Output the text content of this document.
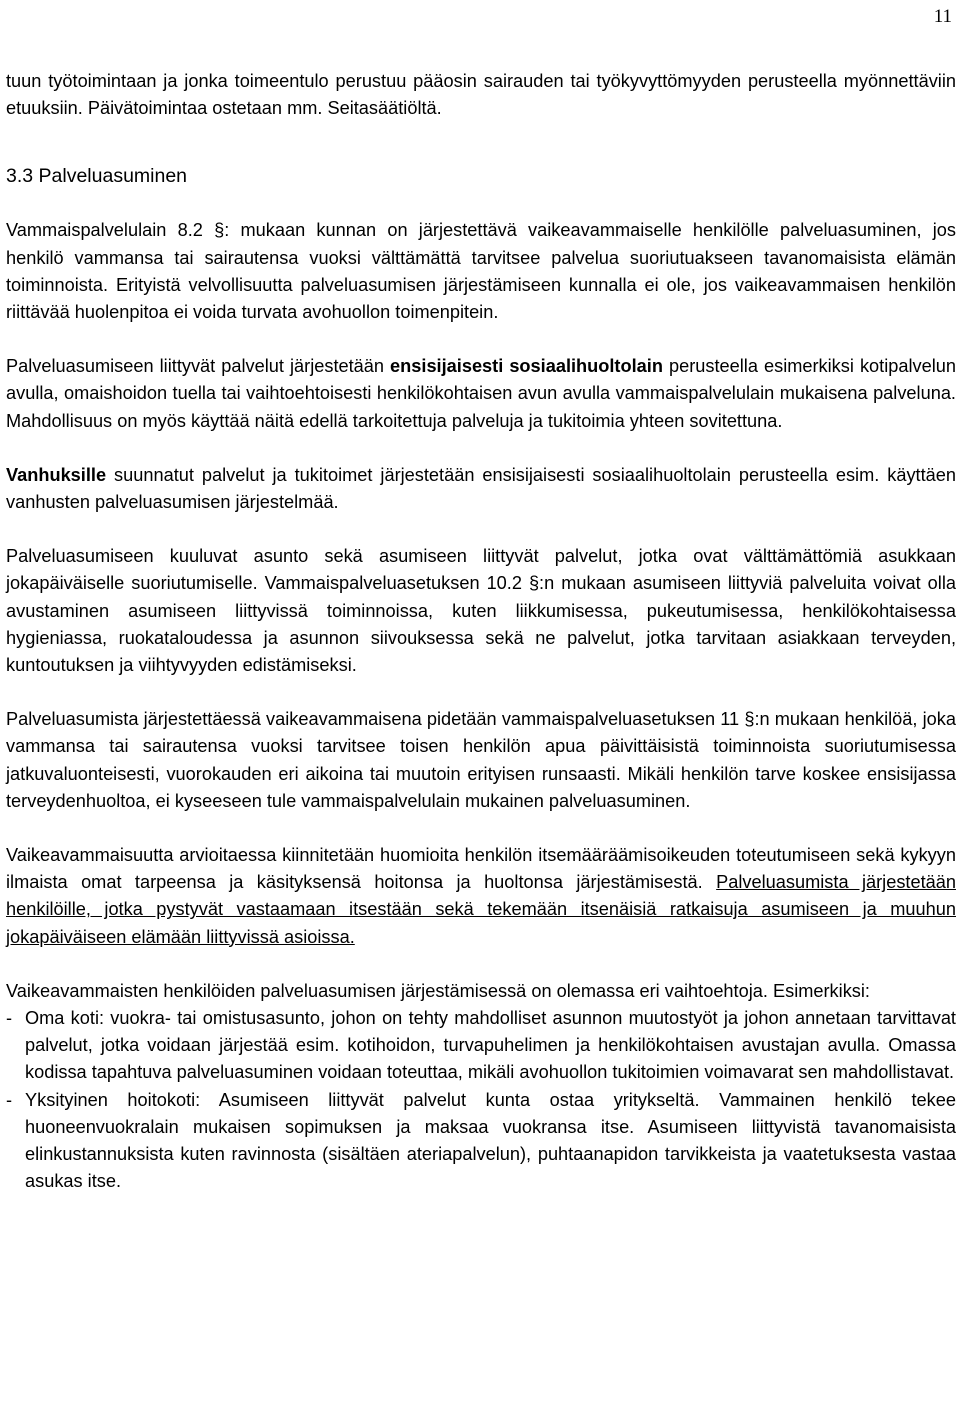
11

tuun työtoimintaan ja jonka toimeentulo perustuu pääosin sairauden tai työkyvyttömyyden perusteella myönnettäviin etuuksiin. Päivätoimintaa ostetaan mm. Seitasäätiöltä.

3.3 Palveluasuminen

Vammaispalvelulain 8.2 §: mukaan kunnan on järjestettävä vaikeavammaiselle henkilölle palveluasuminen, jos henkilö vammansa tai sairautensa vuoksi välttämättä tarvitsee palvelua suoriutuakseen tavanomaisista elämän toiminnoista. Erityistä velvollisuutta palveluasumisen järjestämiseen kunnalla ei ole, jos vaikeavammaisen henkilön riittävää huolenpitoa ei voida turvata avohuollon toimenpitein.

Palveluasumiseen liittyvät palvelut järjestetään ensisijaisesti sosiaalihuoltolain perusteella esimerkiksi kotipalvelun avulla, omaishoidon tuella tai vaihtoehtoisesti henkilökohtaisen avun avulla vammaispalvelulain mukaisena palveluna. Mahdollisuus on myös käyttää näitä edellä tarkoitettuja palveluja ja tukitoimia yhteen sovitettuna.

Vanhuksille suunnatut palvelut ja tukitoimet järjestetään ensisijaisesti sosiaalihuoltolain perusteella esim. käyttäen vanhusten palveluasumisen järjestelmää.

Palveluasumiseen kuuluvat asunto sekä asumiseen liittyvät palvelut, jotka ovat välttämättömiä asukkaan jokapäiväiselle suoriutumiselle. Vammaispalveluasetuksen 10.2 §:n mukaan asumiseen liittyviä palveluita voivat olla avustaminen asumiseen liittyvissä toiminnoissa, kuten liikkumisessa, pukeutumisessa, henkilökohtaisessa hygieniassa, ruokataloudessa ja asunnon siivouksessa sekä ne palvelut, jotka tarvitaan asiakkaan terveyden, kuntoutuksen ja viihtyvyyden edistämiseksi.

Palveluasumista järjestettäessä vaikeavammaisena pidetään vammaispalveluasetuksen 11 §:n mukaan henkilöä, joka vammansa tai sairautensa vuoksi tarvitsee toisen henkilön apua päivittäisistä toiminnoista suoriutumisessa jatkuvaluonteisesti, vuorokauden eri aikoina tai muutoin erityisen runsaasti. Mikäli henkilön tarve koskee ensisijassa terveydenhuoltoa, ei kyseeseen tule vammaispalvelulain mukainen palveluasuminen.

Vaikeavammaisuutta arvioitaessa kiinnitetään huomioita henkilön itsemääräämisoikeuden toteutumiseen sekä kykyyn ilmaista omat tarpeensa ja käsityksensä hoitonsa ja huoltonsa järjestämisestä. Palveluasumista järjestetään henkilöille, jotka pystyvät vastaamaan itsestään sekä tekemään itsenäisiä ratkaisuja asumiseen ja muuhun jokapäiväiseen elämään liittyvissä asioissa.

Vaikeavammaisten henkilöiden palveluasumisen järjestämisessä on olemassa eri vaihtoehtoja. Esimerkiksi:

- Oma koti: vuokra- tai omistusasunto, johon on tehty mahdolliset asunnon muutostyöt ja johon annetaan tarvittavat palvelut, jotka voidaan järjestää esim. kotihoidon, turvapuhelimen ja henkilökohtaisen avustajan avulla. Omassa kodissa tapahtuva palveluasuminen voidaan toteuttaa, mikäli avohuollon tukitoimien voimavarat sen mahdollistavat.
- Yksityinen hoitokoti: Asumiseen liittyvät palvelut kunta ostaa yritykseltä. Vammainen henkilö tekee huoneenvuokralain mukaisen sopimuksen ja maksaa vuokransa itse. Asumiseen liittyvistä tavanomaisista elinkustannuksista kuten ravinnosta (sisältäen ateriapalvelun), puhtaanapidon tarvikkeista ja vaatetuksesta vastaa asukas itse.
